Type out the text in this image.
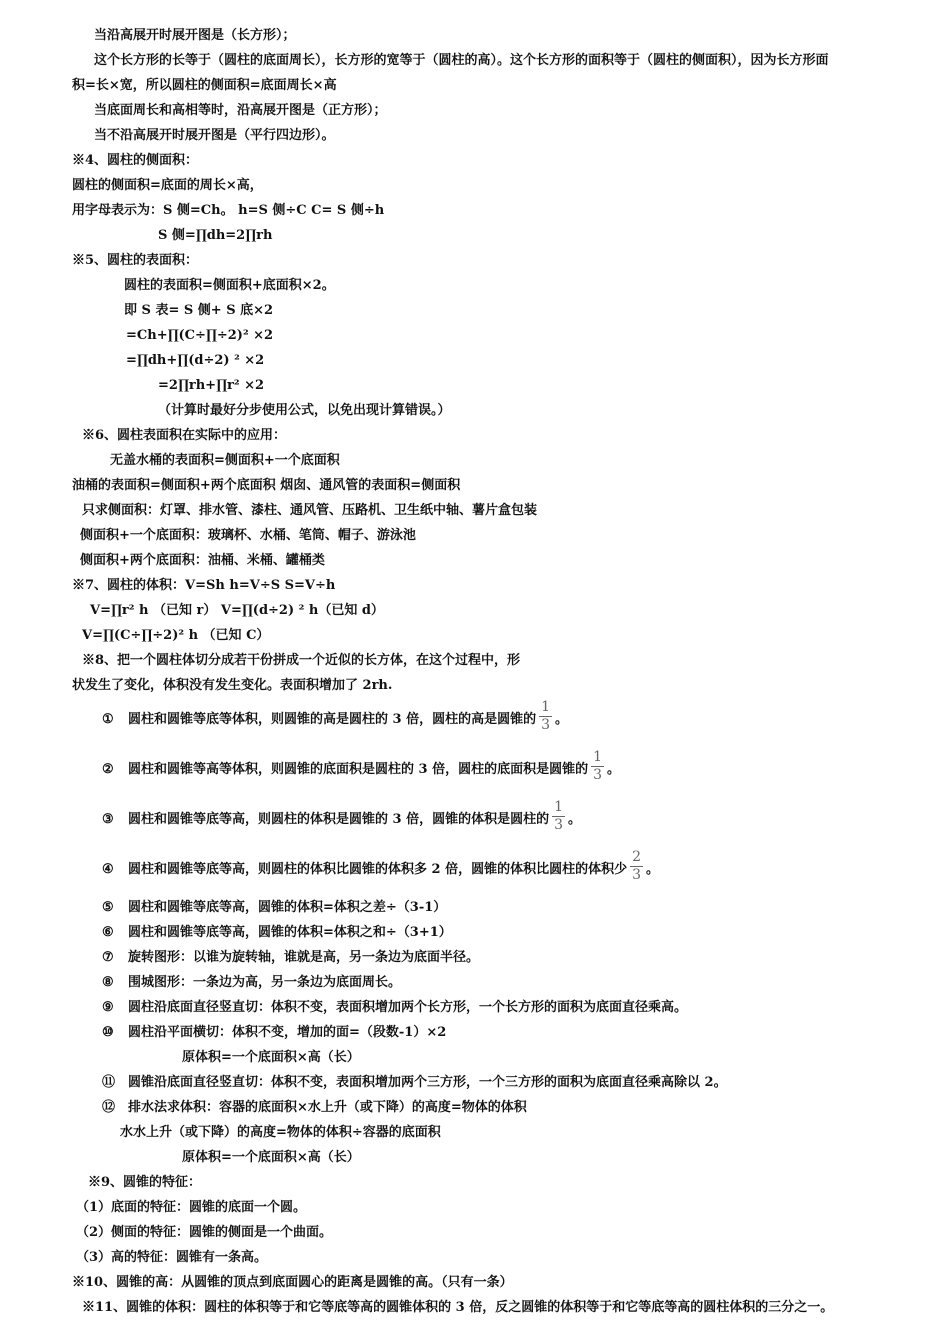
当沿高展开时展开图是（长方形）；
这个长方形的长等于（圆柱的底面周长），长方形的宽等于（圆柱的高）。这个长方形的面积等于（圆柱的侧面积），因为长方形面
积=长×宽，所以圆柱的侧面积=底面周长×高
当底面周长和高相等时，沿高展开图是（正方形）；
当不沿高展开时展开图是（平行四边形）。
※4、圆柱的侧面积：
圆柱的侧面积=底面的周长×高，
用字母表示为：S 侧=Ch。 h=S 侧÷C C= S 侧÷h
S 侧=∏dh=2∏rh
※5、圆柱的表面积：
圆柱的表面积=侧面积+底面积×2。
即 S 表= S 侧+ S 底×2
=Ch+∏(C÷∏÷2)² ×2
=∏dh+∏(d÷2) ² ×2
=2∏rh+∏r² ×2
（计算时最好分步使用公式，以免出现计算错误。）
※6、圆柱表面积在实际中的应用：
无盖水桶的表面积=侧面积+一个底面积
油桶的表面积=侧面积+两个底面积 烟囱、通风管的表面积=侧面积
只求侧面积：灯罩、排水管、漆柱、通风管、压路机、卫生纸中轴、薯片盒包装
侧面积+一个底面积：玻璃杯、水桶、笔筒、帽子、游泳池
侧面积+两个底面积：油桶、米桶、罐桶类
※7、圆柱的体积：V=Sh h=V÷S S=V÷h
V=∏r² h （已知 r） V=∏(d÷2) ² h（已知 d）
V=∏(C÷∏÷2)² h （已知 C）
※8、把一个圆柱体切分成若干份拼成一个近似的长方体，在这个过程中，形
状发生了变化，体积没有发生变化。表面积增加了 2rh.
① 圆柱和圆锥等底等体积，则圆锥的高是圆柱的 3 倍，圆柱的高是圆锥的 $\frac{1}{3}$ 。
② 圆柱和圆锥等高等体积，则圆锥的底面积是圆柱的 3 倍，圆柱的底面积是圆锥的 $\frac{1}{3}$ 。
③ 圆柱和圆锥等底等高，则圆柱的体积是圆锥的 3 倍，圆锥的体积是圆柱的 $\frac{1}{3}$ 。
④ 圆柱和圆锥等底等高，则圆柱的体积比圆锥的体积多 2 倍，圆锥的体积比圆柱的体积少 $\frac{2}{3}$ 。
⑤ 圆柱和圆锥等底等高，圆锥的体积=体积之差÷（3-1）
⑥ 圆柱和圆锥等底等高，圆锥的体积=体积之和÷（3+1）
⑦ 旋转图形：以谁为旋转轴，谁就是高，另一条边为底面半径。
⑧ 围城图形：一条边为高，另一条边为底面周长。
⑨ 圆柱沿底面直径竖直切：体积不变，表面积增加两个长方形，一个长方形的面积为底面直径乘高。
⑩ 圆柱沿平面横切：体积不变，增加的面=（段数-1）×2
原体积=一个底面积×高（长）
⑪ 圆锥沿底面直径竖直切：体积不变，表面积增加两个三方形，一个三方形的面积为底面直径乘高除以 2。
⑫ 排水法求体积：容器的底面积×水上升（或下降）的高度=物体的体积
水水上升（或下降）的高度=物体的体积÷容器的底面积
原体积=一个底面积×高（长）
※9、圆锥的特征：
（1）底面的特征：圆锥的底面一个圆。
（2）侧面的特征：圆锥的侧面是一个曲面。
（3）高的特征：圆锥有一条高。
※10、圆锥的高：从圆锥的顶点到底面圆心的距离是圆锥的高。（只有一条）
※11、圆锥的体积：圆柱的体积等于和它等底等高的圆锥体积的 3 倍，反之圆锥的体积等于和它等底等高的圆柱体积的三分之一。
